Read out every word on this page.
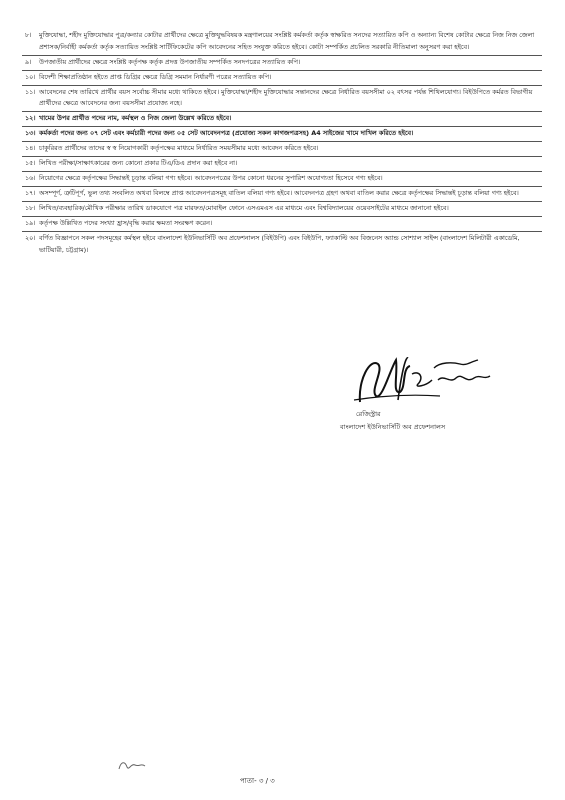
৮।	মুক্তিযোদ্ধা, শহীদ মুক্তিযোদ্ধার পুত্র/কন্যার কোটার প্রার্থীদের ক্ষেত্রে মুক্তিযুদ্ধবিষয়ক মন্ত্রণালয়ের সংশ্লিষ্ট কর্মকর্তা কর্তৃক স্বাক্ষরিত সনদের সত্যায়িত কপি ও অন্যান্য বিশেষ কোটার ক্ষেত্রে নিজ নিজ জেলা প্রশাসক/নির্বাহী কর্মকর্তা কর্তৃক সত্যায়িত সংশ্লিষ্ট সার্টিফিকেটের কপি আবেদনের সহিত সংযুক্ত করিতে হইবে। কোটা সম্পর্কিত প্রচলিত সরকারি নীতিমালা অনুসরণ করা হইবে।
৯।	উপজাতীয় প্রার্থীদের ক্ষেত্রে সংশ্লিষ্ট কর্তৃপক্ষ কর্তৃক প্রদত্ত উপজাতীয় সম্পর্কিত সনদপত্রের সত্যায়িত কপি।
১০। বিদেশী শিক্ষাপ্রতিষ্ঠান হইতে প্রাপ্ত ডিগ্রির ক্ষেত্রে ডিগ্রি সমমান নির্ধারণী পত্রের সত্যায়িত কপি।
১১। আবেদনের শেষ তারিখে প্রার্থীর বয়স সর্বোচ্চ সীমার মধ্যে থাকিতে হইবে। মুক্তিযোদ্ধা/শহীদ মুক্তিযোদ্ধার সন্তানদের ক্ষেত্রে নির্ধারিত বয়সসীমা ০২ বৎসর পর্যন্ত শিথিলযোগ্য। বিইউপিতে কর্মরত বিভাগীয় প্রার্থীদের ক্ষেত্রে আবেদনের জন্য বয়সসীমা প্রযোজ্য নহে।
১২। খামের উপর প্রার্থীত পদের নাম, কর্মস্থল ও নিজ জেলা উল্লেখ করিতে হইবে।
১৩। কর্মকর্তা পদের জন্য ০৭ সেট এবং কর্মচারী পদের জন্য ০৫ সেট আবেদনপত্র (প্রযোজ্য সকল কাগজপত্রসহ) A4 সাইজের খামে দাখিল করিতে হইবে।
১৪। চাকুরিরত প্রার্থীদের তাদের স্ব স্ব নিয়োগকারী কর্তৃপক্ষের মাধ্যমে নির্ধারিত সময়সীমার মধ্যে আবেদন করিতে হইবে।
১৫। লিখিত পরীক্ষা/সাক্ষাৎকারের জন্য কোনো প্রকার টিএ/ডিএ প্রদান করা হইবে না।
১৬। নিয়োগের ক্ষেত্রে কর্তৃপক্ষের সিদ্ধান্তই চূড়ান্ত বলিয়া গণ্য হইবে। আবেদনপত্রের উপর কোনো ধরনের সুপারিশ অযোগ্যতা হিসেবে গণ্য হইবে।
১৭। অসম্পূর্ণ, ত্রুটিপূর্ণ, ভুল তথ্য সংবলিত অথবা বিলম্বে প্রাপ্ত আবেদনপত্রসমূহ বাতিল বলিয়া গণ্য হইবে। আবেদনপত্র গ্রহণ অথবা বাতিল করার ক্ষেত্রে কর্তৃপক্ষের সিদ্ধান্তই চূড়ান্ত বলিয়া গণ্য হইবে।
১৮। লিখিত/ব্যবহারিক/মৌখিক পরীক্ষার তারিখ ডাকযোগে পত্র মারফত/মোবাইল ফোনে এসএমএস এর মাধ্যমে এবং বিশ্ববিদ্যালয়ের ওয়েবসাইটের মাধ্যমে জানানো হইবে।
১৯। কর্তৃপক্ষ উল্লিখিত পদের সংখ্যা হ্রাস/বৃদ্ধি করার ক্ষমতা সংরক্ষণ করেন।
২০। বর্ণিত বিজ্ঞাপনে সকল পদসমূহের কর্মস্থল হইবে বাংলাদেশ ইউনিভার্সিটি অব প্রফেশনালস (বিইউপি) এবং বিইউপি, ফ্যাকাল্টি অব বিজনেস অ্যান্ড সোশ্যাল সাইন্স (বাংলাদেশ মিলিটারী একাডেমি, ভাটিয়ারী, চট্টগ্রাম)।
রেজিস্ট্রার
বাংলাদেশ ইউনিভার্সিটি অব প্রফেশনালস
পাতা- ৩ / ৩
